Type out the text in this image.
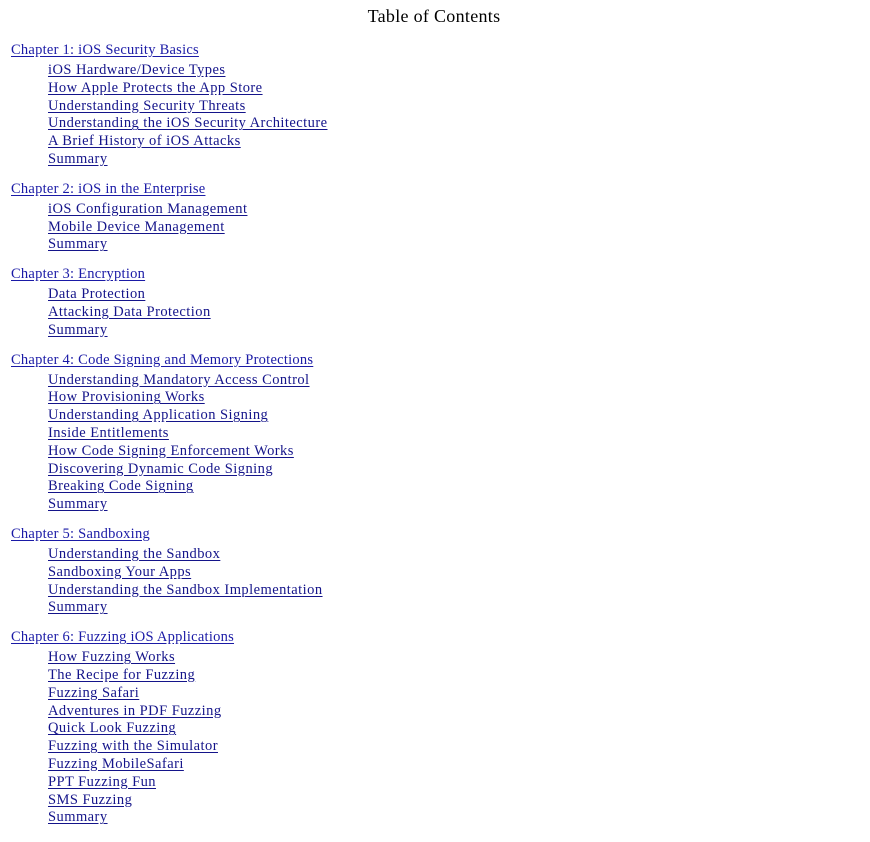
Table of Contents
Chapter 1: iOS Security Basics
iOS Hardware/Device Types
How Apple Protects the App Store
Understanding Security Threats
Understanding the iOS Security Architecture
A Brief History of iOS Attacks
Summary
Chapter 2: iOS in the Enterprise
iOS Configuration Management
Mobile Device Management
Summary
Chapter 3: Encryption
Data Protection
Attacking Data Protection
Summary
Chapter 4: Code Signing and Memory Protections
Understanding Mandatory Access Control
How Provisioning Works
Understanding Application Signing
Inside Entitlements
How Code Signing Enforcement Works
Discovering Dynamic Code Signing
Breaking Code Signing
Summary
Chapter 5: Sandboxing
Understanding the Sandbox
Sandboxing Your Apps
Understanding the Sandbox Implementation
Summary
Chapter 6: Fuzzing iOS Applications
How Fuzzing Works
The Recipe for Fuzzing
Fuzzing Safari
Adventures in PDF Fuzzing
Quick Look Fuzzing
Fuzzing with the Simulator
Fuzzing MobileSafari
PPT Fuzzing Fun
SMS Fuzzing
Summary
